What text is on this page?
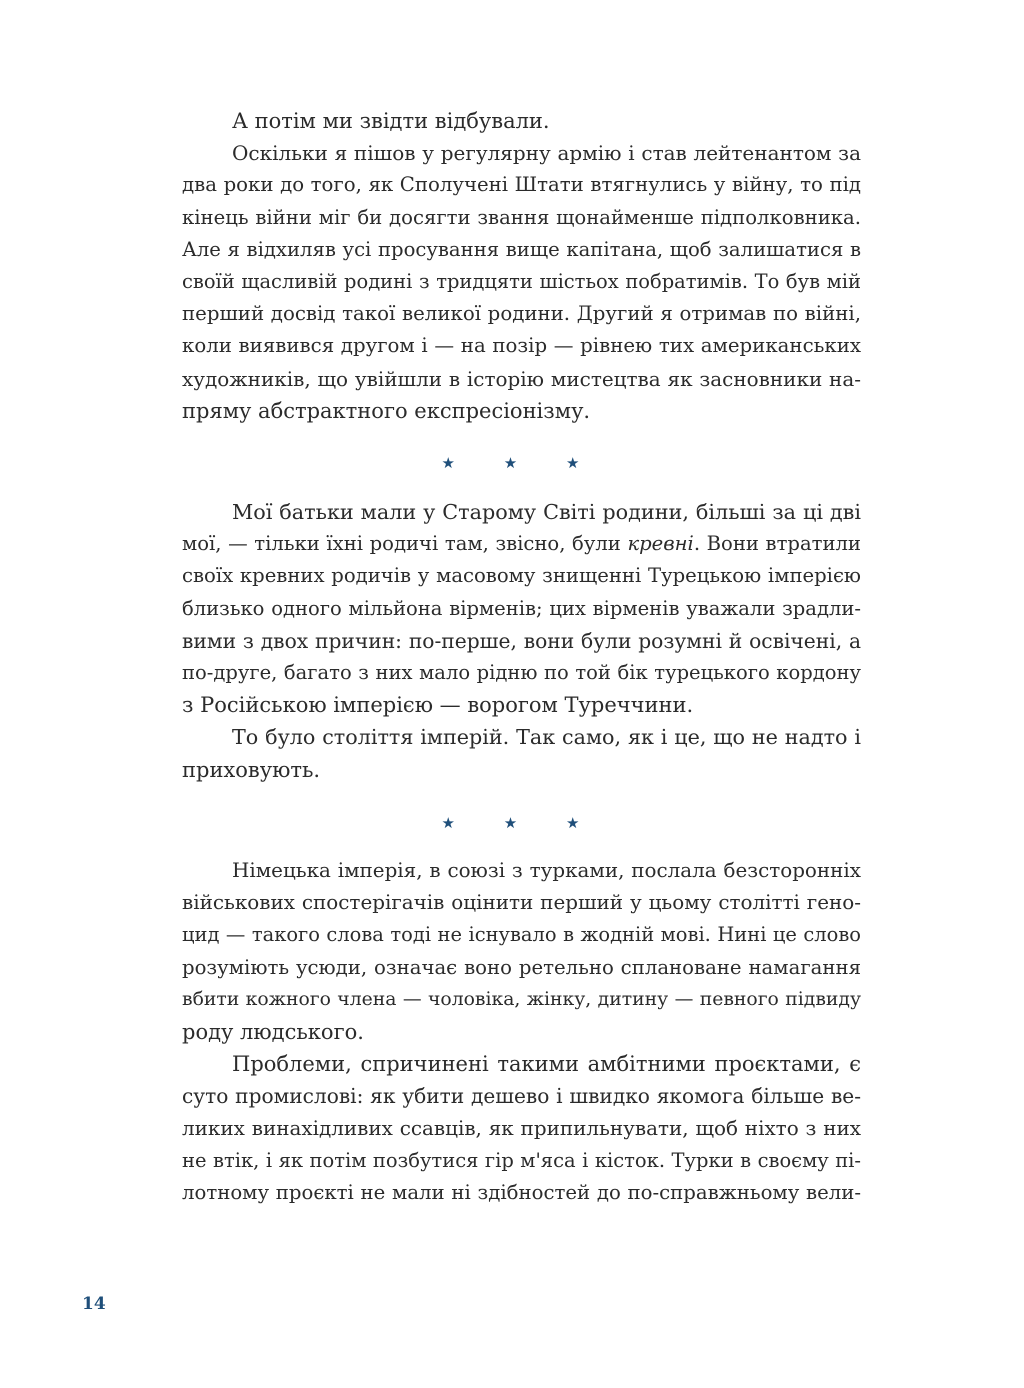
А потім ми звідти відбували.
Оскільки я пішов у регулярну армію і став лейтенантом за
два роки до того, як Сполучені Штати втягнулись у війну, то під
кінець війни міг би досягти звання щонайменше підполковника.
Але я відхиляв усі просування вище капітана, щоб залишатися в
своїй щасливій родині з тридцяти шістьох побратимів. То був мій
перший досвід такої великої родини. Другий я отримав по війні,
коли виявився другом і — на позір — рівнею тих американських
художників, що увійшли в історію мистецтва як засновники на-
пряму абстрактного експресіонізму.
★ ★ ★
Мої батьки мали у Старому Світі родини, більші за ці дві
мої, — тільки їхні родичі там, звісно, були кревні. Вони втратили
своїх кревних родичів у масовому знищенні Турецькою імперією
близько одного мільйона вірменів; цих вірменів уважали зрадли-
вими з двох причин: по-перше, вони були розумні й освічені, а
по-друге, багато з них мало рідню по той бік турецького кордону
з Російською імперією — ворогом Туреччини.
То було століття імперій. Так само, як і це, що не надто і
приховують.
★ ★ ★
Німецька імперія, в союзі з турками, послала безсторонніх
військових спостерігачів оцінити перший у цьому столітті гено-
цид — такого слова тоді не існувало в жодній мові. Нині це слово
розуміють усюди, означає воно ретельно сплановане намагання
вбити кожного члена — чоловіка, жінку, дитину — певного підвиду
роду людського.
Проблеми, спричинені такими амбітними проєктами, є
суто промислові: як убити дешево і швидко якомога більше ве-
ликих винахідливих ссавців, як припильнувати, щоб ніхто з них
не втік, і як потім позбутися гір м'яса і кісток. Турки в своєму пі-
лотному проєкті не мали ні здібностей до по-справжньому вели-
14
